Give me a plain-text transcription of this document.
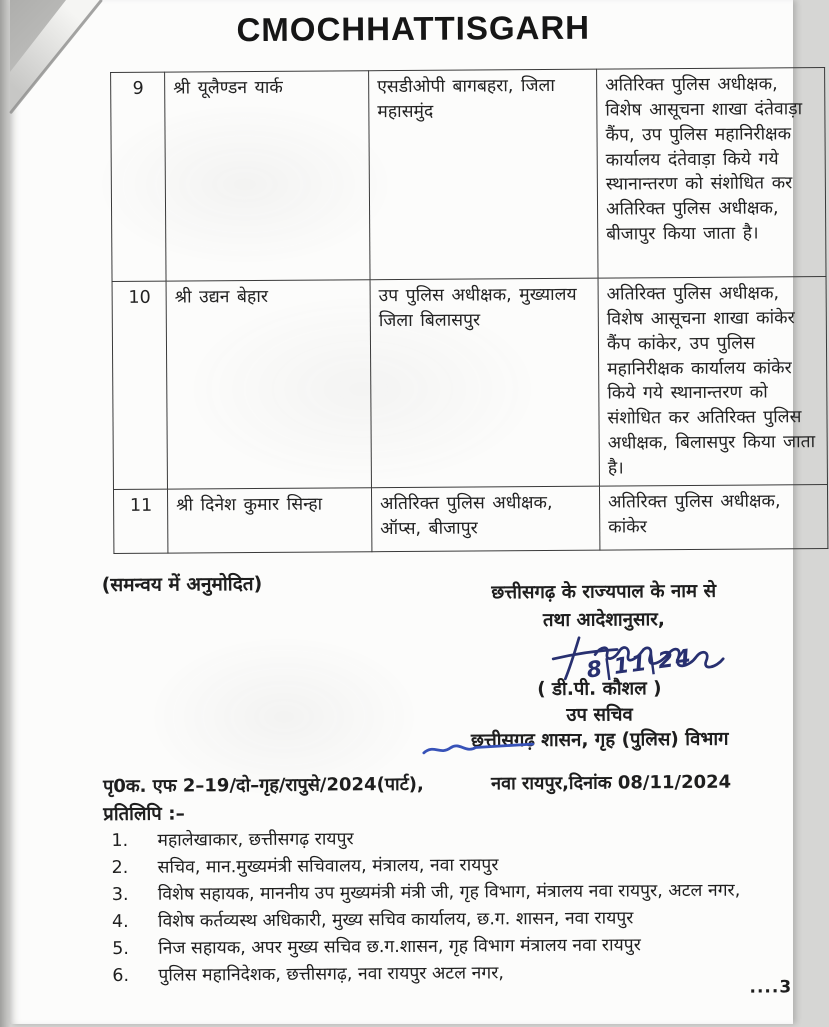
CMOCHHATTISGARH
9	श्री यूलैण्डन यार्क	एसडीओपी बागबहरा, जिला महासमुंद	अतिरिक्त पुलिस अधीक्षक, विशेष आसूचना शाखा दंतेवाड़ा कैंप, उप पुलिस महानिरीक्षक कार्यालय दंतेवाड़ा किये गये स्थानान्तरण को संशोधित कर अतिरिक्त पुलिस अधीक्षक, बीजापुर किया जाता है।
10	श्री उद्यन बेहार	उप पुलिस अधीक्षक, मुख्यालय जिला बिलासपुर	अतिरिक्त पुलिस अधीक्षक, विशेष आसूचना शाखा कांकेर कैंप कांकेर, उप पुलिस महानिरीक्षक कार्यालय कांकेर किये गये स्थानान्तरण को संशोधित कर अतिरिक्त पुलिस अधीक्षक, बिलासपुर किया जाता है।
11	श्री दिनेश कुमार सिन्हा	अतिरिक्त पुलिस अधीक्षक, ऑप्स, बीजापुर	अतिरिक्त पुलिस अधीक्षक, कांकेर
(समन्वय में अनुमोदित)	छत्तीसगढ़ के राज्यपाल के नाम से
तथा आदेशानुसार,
8|11|24
( डी.पी. कौशल )
उप सचिव
छत्तीसगढ़ शासन, गृह (पुलिस) विभाग
पृ0क. एफ 2–19/दो–गृह/रापुसे/2024(पार्ट),	नवा रायपुर,दिनांक 08/11/2024
प्रतिलिपि :–
1.	महालेखाकार, छत्तीसगढ़ रायपुर
2.	सचिव, मान.मुख्यमंत्री सचिवालय, मंत्रालय, नवा रायपुर
3.	विशेष सहायक, माननीय उप मुख्यमंत्री मंत्री जी, गृह विभाग, मंत्रालय नवा रायपुर, अटल नगर,
4.	विशेष कर्तव्यस्थ अधिकारी, मुख्य सचिव कार्यालय, छ.ग. शासन, नवा रायपुर
5.	निज सहायक, अपर मुख्य सचिव छ.ग.शासन, गृह विभाग मंत्रालय नवा रायपुर
6.	पुलिस महानिदेशक, छत्तीसगढ़, नवा रायपुर अटल नगर,
....3
